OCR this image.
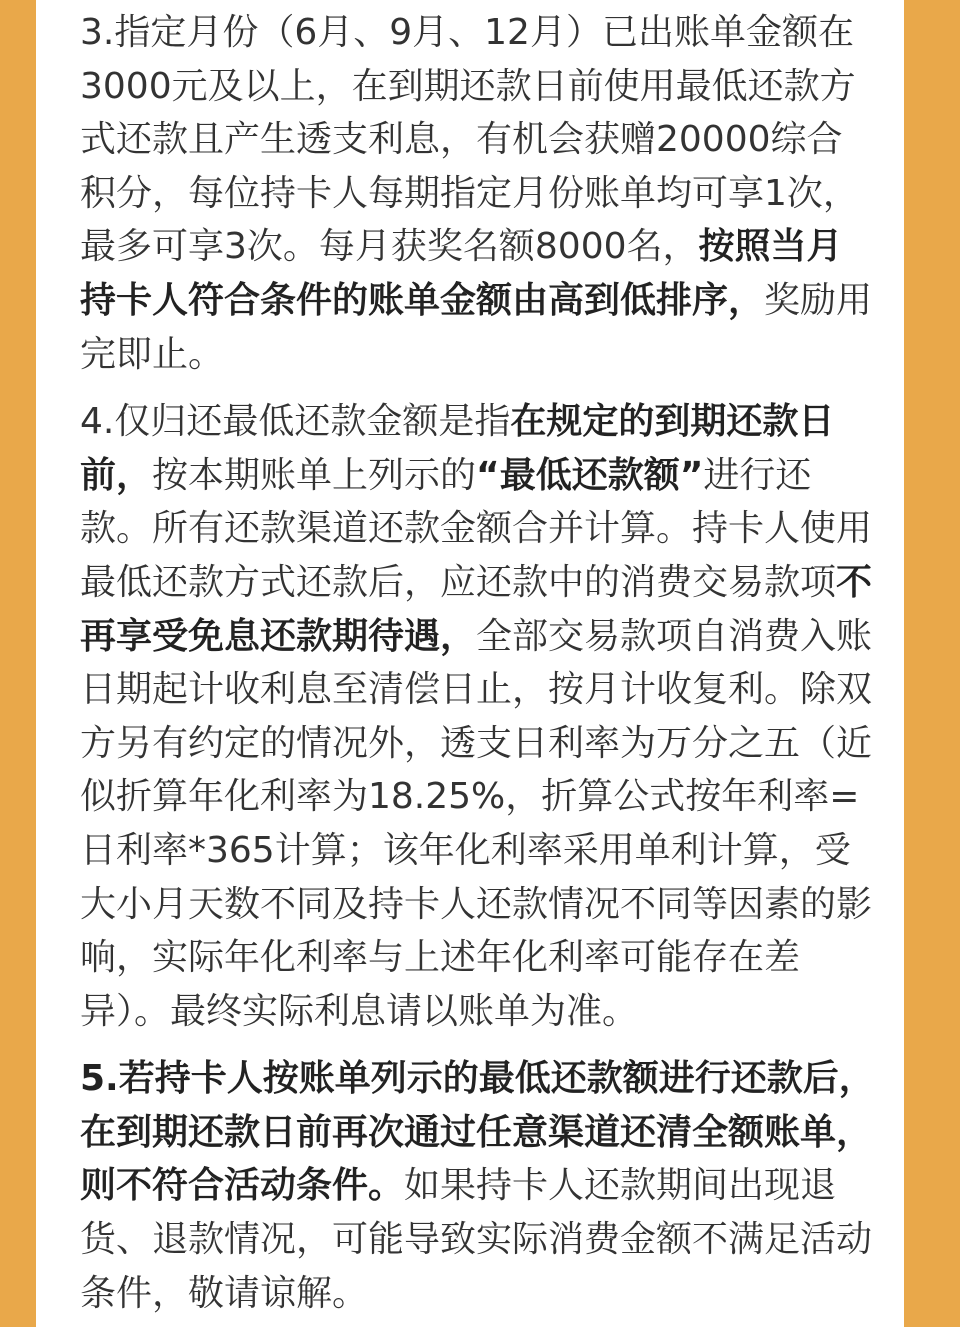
3.指定月份（6月、9月、12月）已出账单金额在3000元及以上，在到期还款日前使用最低还款方式还款且产生透支利息，有机会获赠20000综合积分，每位持卡人每期指定月份账单均可享1次，最多可享3次。每月获奖名额8000名，按照当月持卡人符合条件的账单金额由高到低排序，奖励用完即止。

4.仅归还最低还款金额是指在规定的到期还款日前，按本期账单上列示的“最低还款额”进行还款。所有还款渠道还款金额合并计算。持卡人使用最低还款方式还款后，应还款中的消费交易款项不再享受免息还款期待遇，全部交易款项自消费入账日期起计收利息至清偿日止，按月计收复利。除双方另有约定的情况外，透支日利率为万分之五（近似折算年化利率为18.25%，折算公式按年利率=日利率*365计算；该年化利率采用单利计算，受大小月天数不同及持卡人还款情况不同等因素的影响，实际年化利率与上述年化利率可能存在差异）。最终实际利息请以账单为准。

5.若持卡人按账单列示的最低还款额进行还款后，在到期还款日前再次通过任意渠道还清全额账单，则不符合活动条件。如果持卡人还款期间出现退货、退款情况，可能导致实际消费金额不满足活动条件，敬请谅解。
